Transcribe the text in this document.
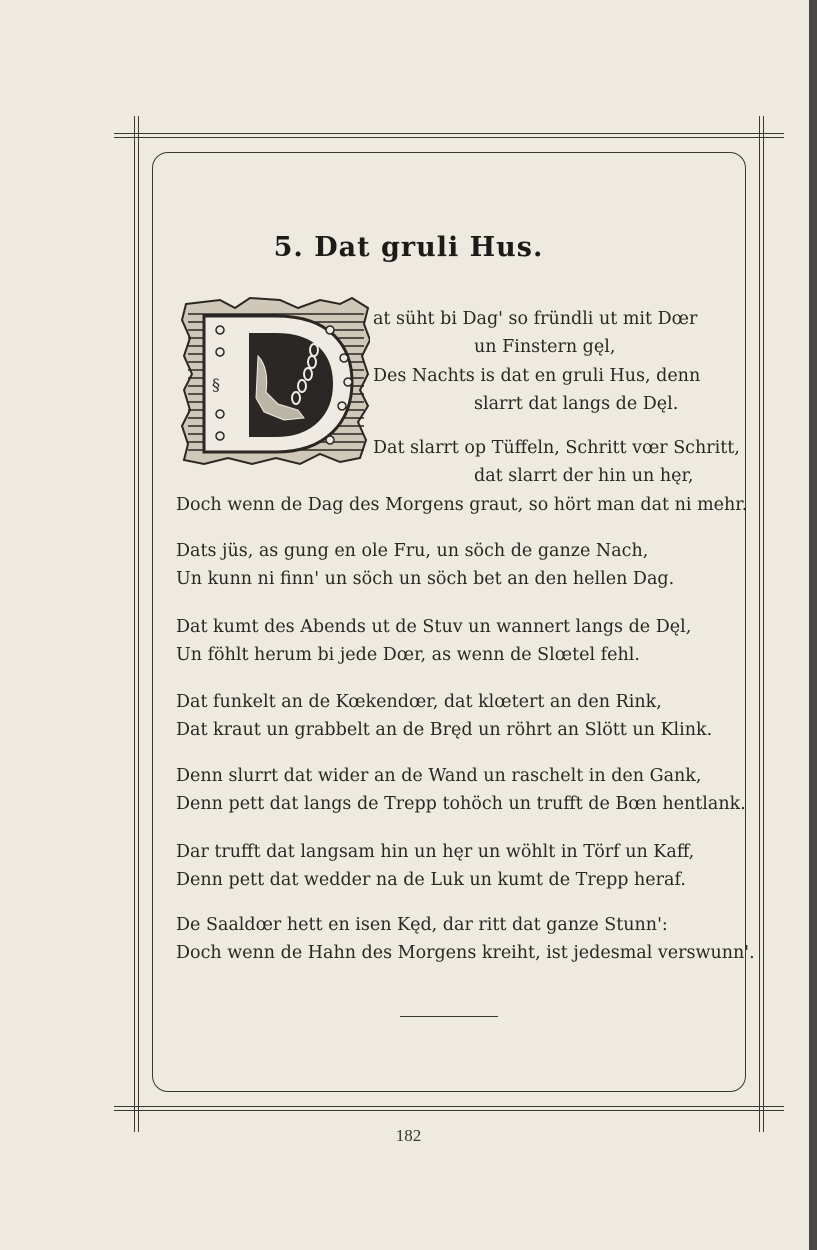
5. Dat gruli Hus.
§
at süht bi Dag' so fründli ut mit Dœr
un Finstern gęl,
Des Nachts is dat en gruli Hus, denn
slarrt dat langs de Dęl.
Dat slarrt op Tüffeln, Schritt vœr Schritt,
dat slarrt der hin un hęr,
Doch wenn de Dag des Morgens graut, so hört man dat ni mehr.
Dats jüs, as gung en ole Fru, un söch de ganze Nach,
Un kunn ni finn' un söch un söch bet an den hellen Dag.
Dat kumt des Abends ut de Stuv un wannert langs de Dęl,
Un föhlt herum bi jede Dœr, as wenn de Slœtel fehl.
Dat funkelt an de Kœkendœr, dat klœtert an den Rink,
Dat kraut un grabbelt an de Bręd un röhrt an Slött un Klink.
Denn slurrt dat wider an de Wand un raschelt in den Gank,
Denn pett dat langs de Trepp tohöch un trufft de Bœn hentlank.
Dar trufft dat langsam hin un hęr un wöhlt in Törf un Kaff,
Denn pett dat wedder na de Luk un kumt de Trepp heraf.
De Saaldœr hett en isen Kęd, dar ritt dat ganze Stunn':
Doch wenn de Hahn des Morgens kreiht, ist jedesmal verswunn'.
182
